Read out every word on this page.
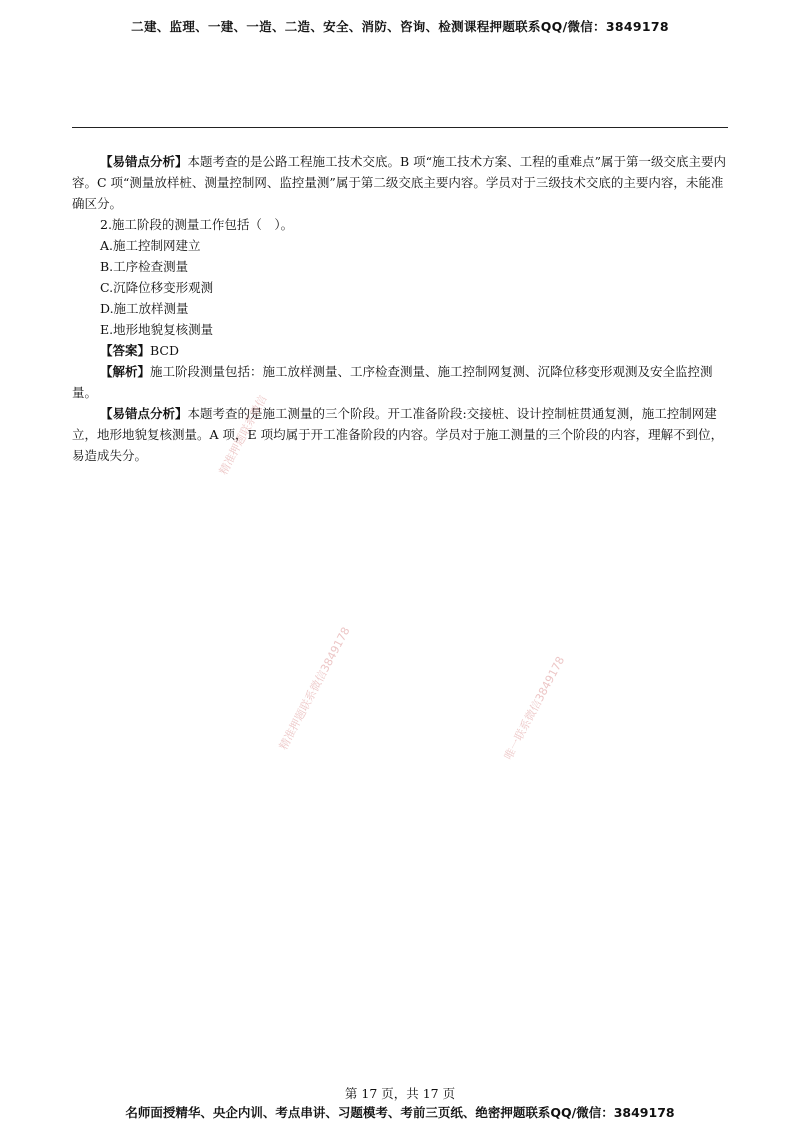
二建、监理、一建、一造、二造、安全、消防、咨询、检测课程押题联系QQ/微信：3849178

【易错点分析】本题考查的是公路工程施工技术交底。B 项“施工技术方案、工程的重难点”属于第一级交底主要内容。C 项“测量放样桩、测量控制网、监控量测”属于第二级交底主要内容。学员对于三级技术交底的主要内容，未能准确区分。

2.施工阶段的测量工作包括（　）。

A.施工控制网建立

B.工序检查测量

C.沉降位移变形观测

D.施工放样测量

E.地形地貌复核测量

【答案】BCD

【解析】施工阶段测量包括：施工放样测量、工序检查测量、施工控制网复测、沉降位移变形观测及安全监控测量。

【易错点分析】本题考查的是施工测量的三个阶段。开工准备阶段:交接桩、设计控制桩贯通复测，施工控制网建立，地形地貌复核测量。A 项，E 项均属于开工准备阶段的内容。学员对于施工测量的三个阶段的内容，理解不到位，易造成失分。	精准押题联系微信
精准押题联系微信3849178	唯一联系微信3849178
第 17 页，共 17 页
名师面授精华、央企内训、考点串讲、习题模考、考前三页纸、绝密押题联系QQ/微信：3849178
